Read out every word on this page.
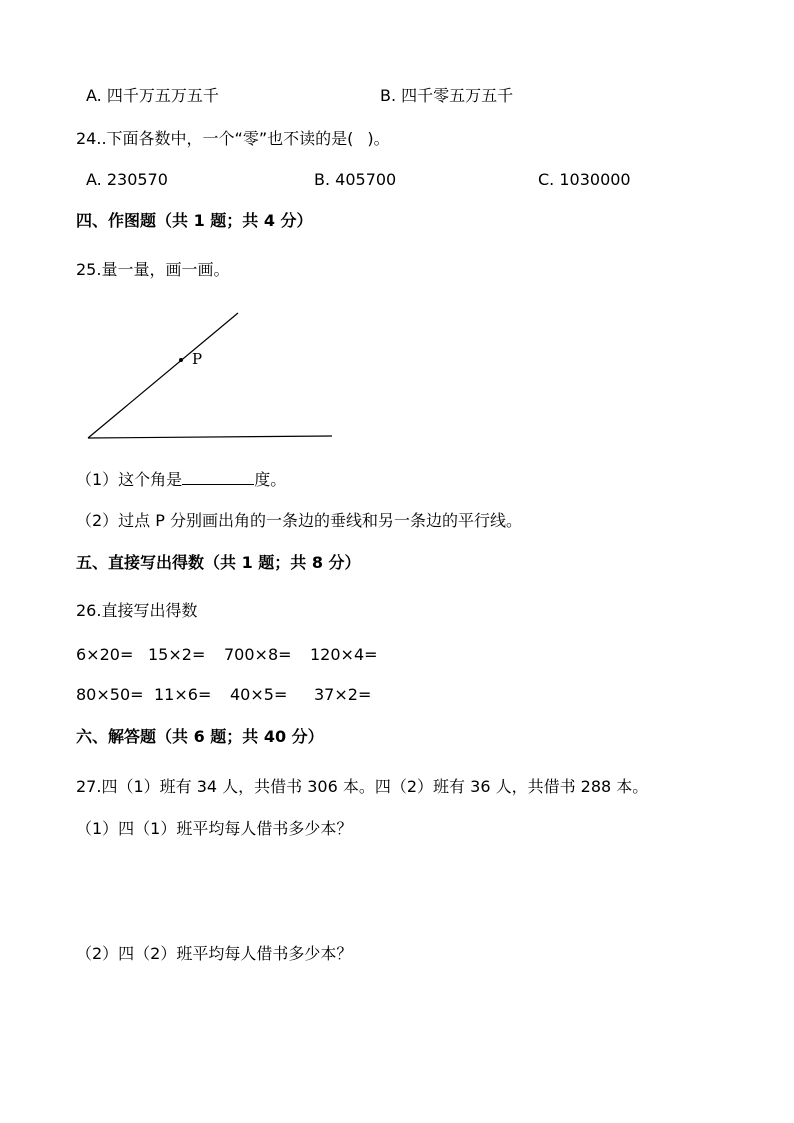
A. 四千万五万五千	B. 四千零五万五千
24..下面各数中，一个“零”也不读的是( )。
A. 230570	B. 405700	C. 1030000
四、作图题（共 1 题；共 4 分）
25.量一量，画一画。
P
（1）这个角是	度。
（2）过点 P 分别画出角的一条边的垂线和另一条边的平行线。
五、直接写出得数（共 1 题；共 8 分）
26.直接写出得数
6×20= 15×2= 700×8= 120×4=
80×50= 11×6= 40×5= 37×2=
六、解答题（共 6 题；共 40 分）
27.四（1）班有 34 人，共借书 306 本。四（2）班有 36 人，共借书 288 本。
（1）四（1）班平均每人借书多少本？
（2）四（2）班平均每人借书多少本？
